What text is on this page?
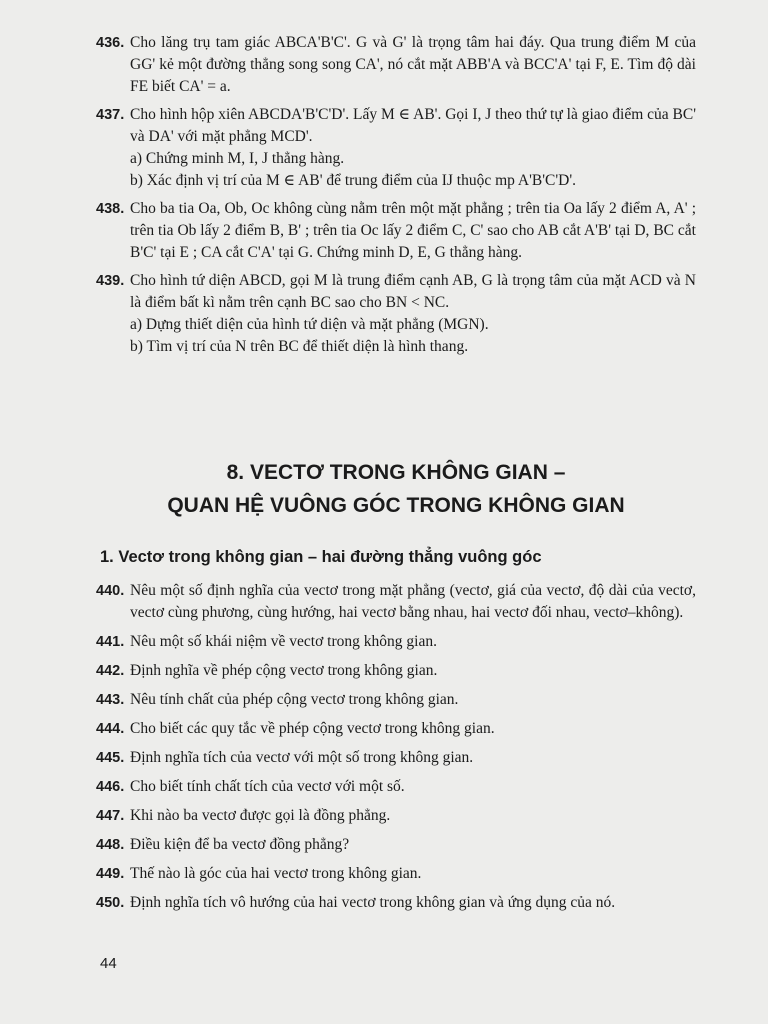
436. Cho lăng trụ tam giác ABCA'B'C'. G và G' là trọng tâm hai đáy. Qua trung điểm M của GG' kẻ một đường thẳng song song CA', nó cắt mặt ABB'A và BCC'A' tại F, E. Tìm độ dài FE biết CA' = a.
437. Cho hình hộp xiên ABCDA'B'C'D'. Lấy M ∈ AB'. Gọi I, J theo thứ tự là giao điểm của BC' và DA' với mặt phẳng MCD'.
a) Chứng minh M, I, J thẳng hàng.
b) Xác định vị trí của M ∈ AB' để trung điểm của IJ thuộc mp A'B'C'D'.
438. Cho ba tia Oa, Ob, Oc không cùng nằm trên một mặt phẳng ; trên tia Oa lấy 2 điểm A, A' ; trên tia Ob lấy 2 điểm B, B' ; trên tia Oc lấy 2 điểm C, C' sao cho AB cắt A'B' tại D, BC cắt B'C' tại E ; CA cắt C'A' tại G. Chứng minh D, E, G thẳng hàng.
439. Cho hình tứ diện ABCD, gọi M là trung điểm cạnh AB, G là trọng tâm của mặt ACD và N là điểm bất kì nằm trên cạnh BC sao cho BN < NC.
a) Dựng thiết diện của hình tứ diện và mặt phẳng (MGN).
b) Tìm vị trí của N trên BC để thiết diện là hình thang.
8. VECTƠ TRONG KHÔNG GIAN –
QUAN HỆ VUÔNG GÓC TRONG KHÔNG GIAN
1. Vectơ trong không gian – hai đường thẳng vuông góc
440. Nêu một số định nghĩa của vectơ trong mặt phẳng (vectơ, giá của vectơ, độ dài của vectơ, vectơ cùng phương, cùng hướng, hai vectơ bằng nhau, hai vectơ đối nhau, vectơ–không).
441. Nêu một số khái niệm về vectơ trong không gian.
442. Định nghĩa về phép cộng vectơ trong không gian.
443. Nêu tính chất của phép cộng vectơ trong không gian.
444. Cho biết các quy tắc về phép cộng vectơ trong không gian.
445. Định nghĩa tích của vectơ với một số trong không gian.
446. Cho biết tính chất tích của vectơ với một số.
447. Khi nào ba vectơ được gọi là đồng phẳng.
448. Điều kiện để ba vectơ đồng phẳng?
449. Thế nào là góc của hai vectơ trong không gian.
450. Định nghĩa tích vô hướng của hai vectơ trong không gian và ứng dụng của nó.
44
